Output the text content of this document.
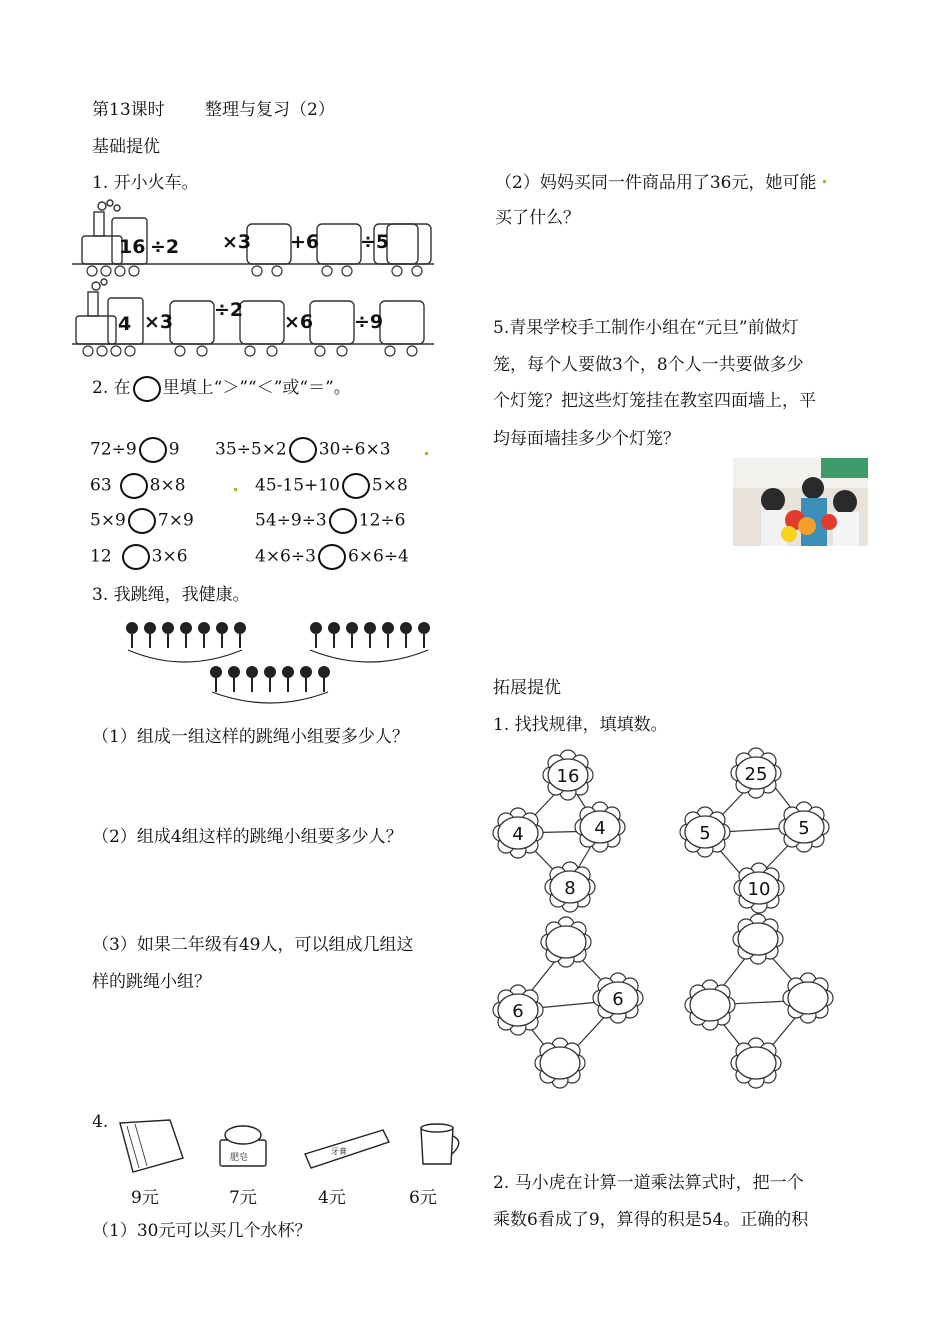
第13课时 整理与复习（2）
基础提优
1. 开小火车。
16 ÷2 ×3 +6 ÷5
4 ×3
÷2
×6 ÷9
2. 在 里填上“＞”“＜”或“＝”。
72÷9 9 35÷5×2 30÷6×3
63 8×8	45-15+10 5×8
5×9 7×9	54÷9÷3 12÷6
12 3×6	4×6÷3 6×6÷4
3. 我跳绳，我健康。
（1）组成一组这样的跳绳小组要多少人？
（2）组成4组这样的跳绳小组要多少人？
（3）如果二年级有49人，可以组成几组这
样的跳绳小组？
4.
肥皂
牙膏
9元	7元	4元	6元
（1）30元可以买几个水杯？
（2）妈妈买同一件商品用了36元，她可能
买了什么？
5.青果学校手工制作小组在“元旦”前做灯
笼，每个人要做3个，8个人一共要做多少
个灯笼？把这些灯笼挂在教室四面墙上，平
均每面墙挂多少个灯笼？
拓展提优
1. 找找规律，填填数。
16
4	4
8
25
5	5
10
6
6
2. 马小虎在计算一道乘法算式时，把一个
乘数6看成了9，算得的积是54。正确的积
